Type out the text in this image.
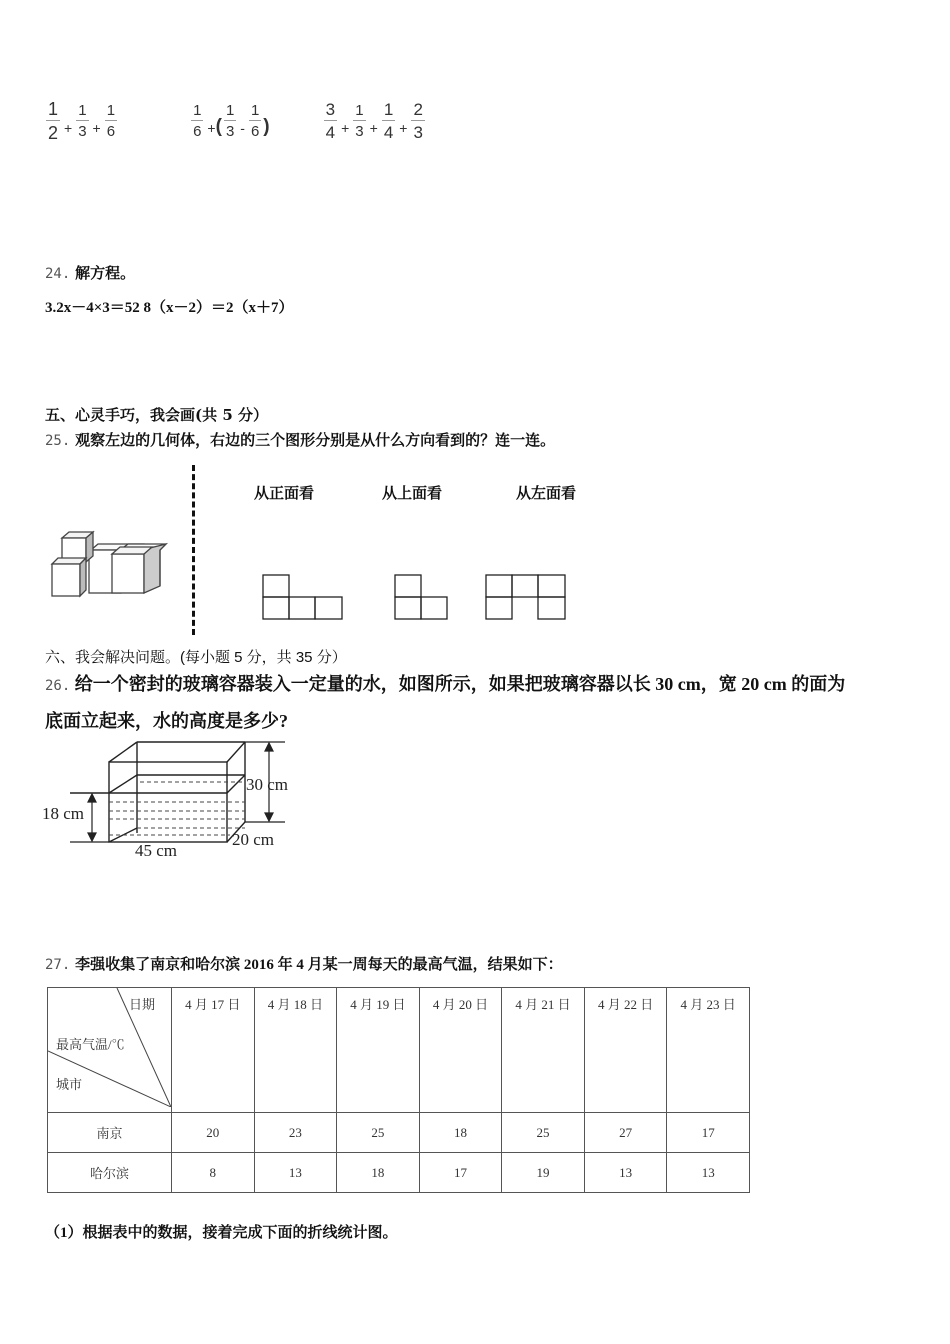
$\frac{1}{2} + \frac{1}{3} + \frac{1}{6}$	$\frac{1}{6}$ + ( $\frac{1}{3} - \frac{1}{6}$ )	$\frac{3}{4} + \frac{1}{3} + \frac{1}{4} + \frac{2}{3}$
24. 解方程。
3.2x－4×3＝52 8（x－2）＝2（x＋7）
五、心灵手巧，我会画(共 5 分）
25. 观察左边的几何体，右边的三个图形分别是从什么方向看到的？连一连。
从正面看	从上面看	从左面看
六、我会解决问题。(每小题 5 分，共 35 分）
26. 给一个密封的玻璃容器装入一定量的水，如图所示，如果把玻璃容器以长 30 cm，宽 20 cm 的面为
底面立起来，水的高度是多少?
30 cm
18 cm
45 cm
20 cm
27. 李强收集了南京和哈尔滨 2016 年 4 月某一周每天的最高气温，结果如下：
日期
最高气温/℃
城市	4 月 17 日	4 月 18 日	4 月 19 日	4 月 20 日	4 月 21 日	4 月 22 日	4 月 23 日
南京	20	23	25	18	25	27	17
哈尔滨	8	13	18	17	19	13	13
（1）根据表中的数据，接着完成下面的折线统计图。
